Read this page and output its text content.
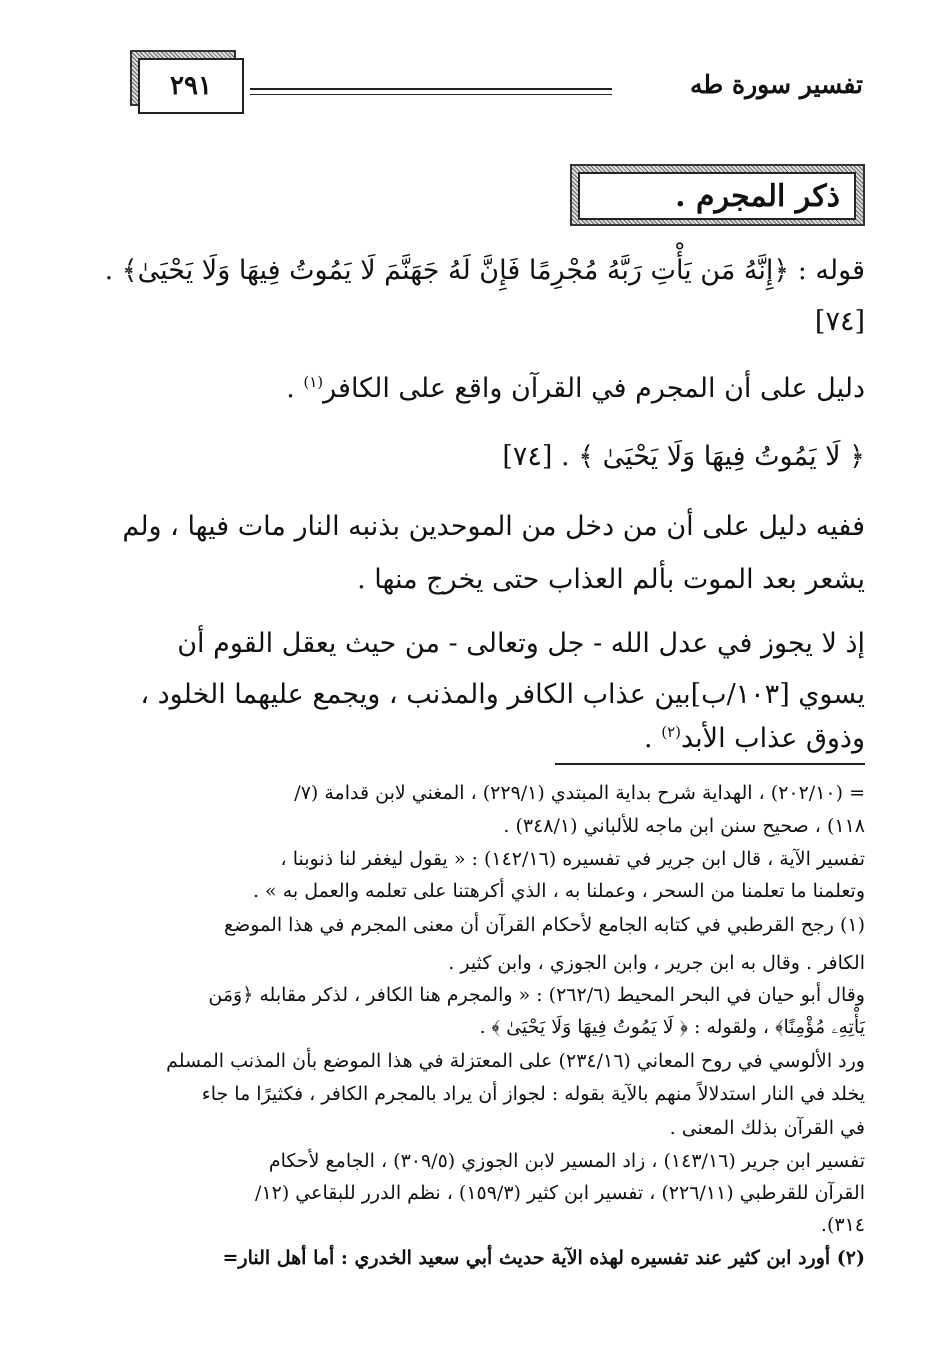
تفسير سورة طه
٢٩١
ذكر المجرم .
قوله : ﴿إِنَّهُ مَن يَأْتِ رَبَّهُ مُجْرِمًا فَإِنَّ لَهُ جَهَنَّمَ لَا يَمُوتُ فِيهَا وَلَا يَحْيَىٰ﴾ .
[٧٤]
دليل على أن المجرم في القرآن واقع على الكافر$^{(١)}$ .
﴿ لَا يَمُوتُ فِيهَا وَلَا يَحْيَىٰ ﴾ . [٧٤]
ففيه دليل على أن من دخل من الموحدين بذنبه النار مات فيها ، ولم
يشعر بعد الموت بألم العذاب حتى يخرج منها .
إذ لا يجوز في عدل الله - جل وتعالى - من حيث يعقل القوم أن
يسوي [١٠٣/ب]بين عذاب الكافر والمذنب ، ويجمع عليهما الخلود ،
وذوق عذاب الأبد$^{(٢)}$ .
= (٢٠٢/١٠) ، الهداية شرح بداية المبتدي (٢٢٩/١) ، المغني لابن قدامة (٧/
١١٨) ، صحيح سنن ابن ماجه للألباني (٣٤٨/١) .
تفسير الآية ، قال ابن جرير في تفسيره (١٤٢/١٦) : « يقول ليغفر لنا ذنوبنا ،
وتعلمنا ما تعلمنا من السحر ، وعملنا به ، الذي أكرهتنا على تعلمه والعمل به » .
(١) رجح القرطبي في كتابه الجامع لأحكام القرآن أن معنى المجرم في هذا الموضع
الكافر . وقال به ابن جرير ، وابن الجوزي ، وابن كثير .
وقال أبو حيان في البحر المحيط (٢٦٢/٦) : « والمجرم هنا الكافر ، لذكر مقابله ﴿وَمَن
يَأْتِهِۦ مُؤْمِنًا﴾ ، ولقوله : ﴿ لَا يَمُوتُ فِيهَا وَلَا يَحْيَىٰ ﴾ .
ورد الألوسي في روح المعاني (٢٣٤/١٦) على المعتزلة في هذا الموضع بأن المذنب المسلم
يخلد في النار استدلالاً منهم بالآية بقوله : لجواز أن يراد بالمجرم الكافر ، فكثيرًا ما جاء
في القرآن بذلك المعنى .
تفسير ابن جرير (١٤٣/١٦) ، زاد المسير لابن الجوزي (٣٠٩/٥) ، الجامع لأحكام
القرآن للقرطبي (٢٢٦/١١) ، تفسير ابن كثير (١٥٩/٣) ، نظم الدرر للبقاعي (١٢/
٣١٤).
(٢) أورد ابن كثير عند تفسيره لهذه الآية حديث أبي سعيد الخدري : أما أهل النار=
